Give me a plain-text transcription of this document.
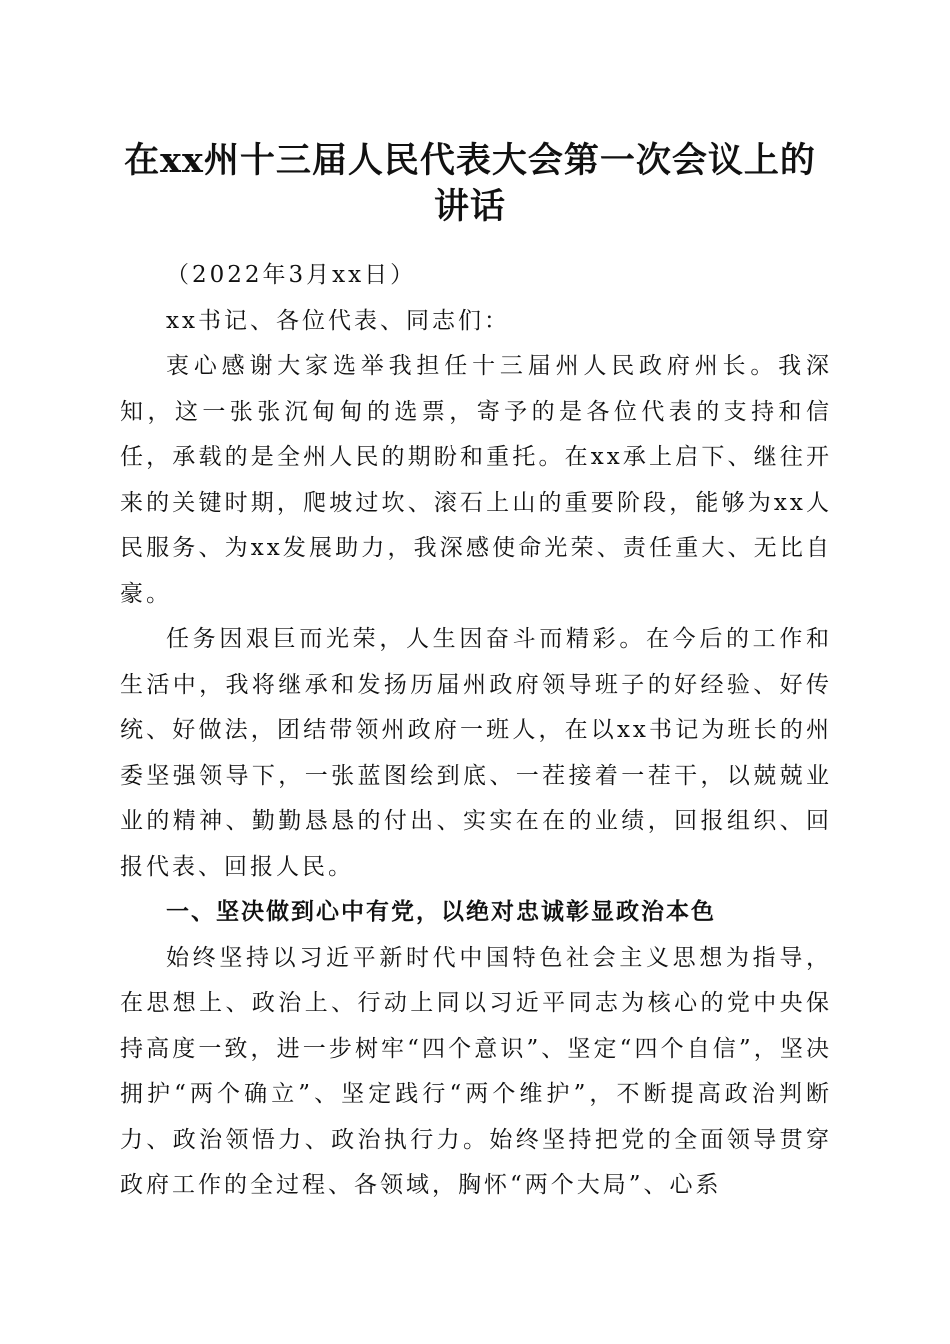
在xx州十三届人民代表大会第一次会议上的
讲话

（2022年3月xx日）

xx书记、各位代表、同志们：

衷心感谢大家选举我担任十三届州人民政府州长。我深知，这一张张沉甸甸的选票，寄予的是各位代表的支持和信任，承载的是全州人民的期盼和重托。在xx承上启下、继往开来的关键时期，爬坡过坎、滚石上山的重要阶段，能够为xx人民服务、为xx发展助力，我深感使命光荣、责任重大、无比自豪。

任务因艰巨而光荣，人生因奋斗而精彩。在今后的工作和生活中，我将继承和发扬历届州政府领导班子的好经验、好传统、好做法，团结带领州政府一班人，在以xx书记为班长的州委坚强领导下，一张蓝图绘到底、一茬接着一茬干，以兢兢业业的精神、勤勤恳恳的付出、实实在在的业绩，回报组织、回报代表、回报人民。

一、坚决做到心中有党，以绝对忠诚彰显政治本色

始终坚持以习近平新时代中国特色社会主义思想为指导，在思想上、政治上、行动上同以习近平同志为核心的党中央保持高度一致，进一步树牢“四个意识”、坚定“四个自信”，坚决拥护“两个确立”、坚定践行“两个维护”，不断提高政治判断力、政治领悟力、政治执行力。始终坚持把党的全面领导贯穿政府工作的全过程、各领域，胸怀“两个大局”、心系
